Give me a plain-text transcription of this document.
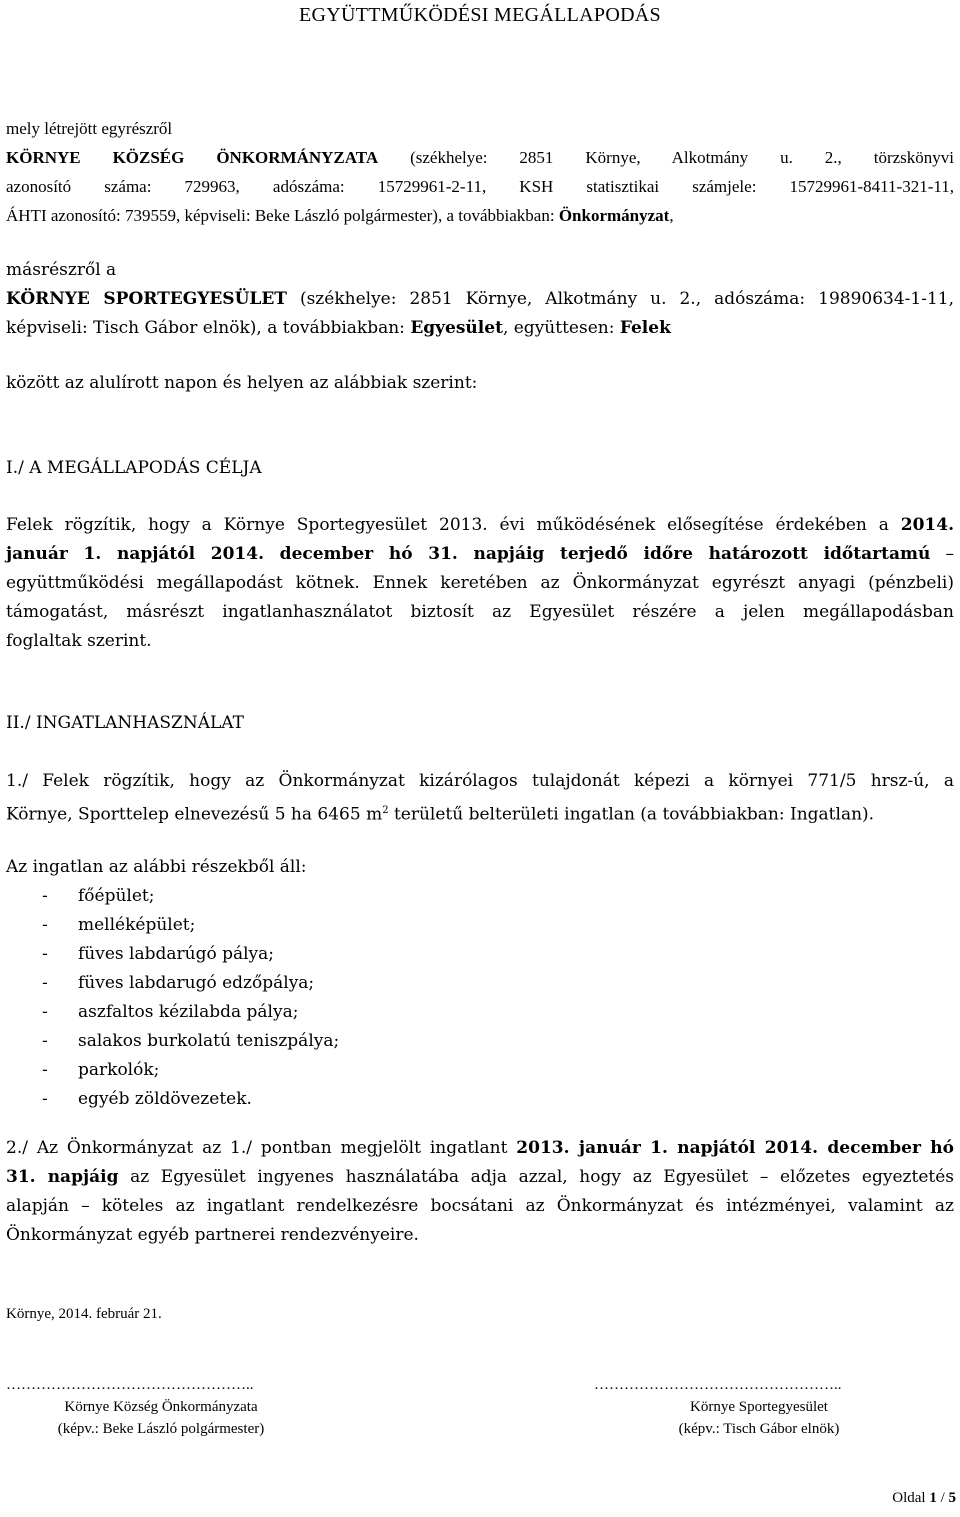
EGYÜTTMŰKÖDÉSI MEGÁLLAPODÁS
mely létrejött egyrészről
KÖRNYE KÖZSÉG ÖNKORMÁNYZATA (székhelye: 2851 Környe, Alkotmány u. 2., törzskönyvi
azonosító száma: 729963, adószáma: 15729961-2-11, KSH statisztikai számjele: 15729961-8411-321-11,
ÁHTI azonosító: 739559, képviseli: Beke László polgármester), a továbbiakban: Önkormányzat,
másrészről a
KÖRNYE SPORTEGYESÜLET (székhelye: 2851 Környe, Alkotmány u. 2., adószáma: 19890634-1-11,
képviseli: Tisch Gábor elnök), a továbbiakban: Egyesület, együttesen: Felek
között az alulírott napon és helyen az alábbiak szerint:
I./ A MEGÁLLAPODÁS CÉLJA
Felek rögzítik, hogy a Környe Sportegyesület 2013. évi működésének elősegítése érdekében a 2014.
január 1. napjától 2014. december hó 31. napjáig terjedő időre határozott időtartamú –
együttműködési megállapodást kötnek. Ennek keretében az Önkormányzat egyrészt anyagi (pénzbeli)
támogatást, másrészt ingatlanhasználatot biztosít az Egyesület részére a jelen megállapodásban
foglaltak szerint.
II./ INGATLANHASZNÁLAT
1./ Felek rögzítik, hogy az Önkormányzat kizárólagos tulajdonát képezi a környei 771/5 hrsz-ú, a
Környe, Sporttelep elnevezésű 5 ha 6465 $m^2$ területű belterületi ingatlan (a továbbiakban: Ingatlan).
Az ingatlan az alábbi részekből áll:
- főépület;
- melléképület;
- füves labdarúgó pálya;
- füves labdarugó edzőpálya;
- aszfaltos kézilabda pálya;
- salakos burkolatú teniszpálya;
- parkolók;
- egyéb zöldövezetek.
2./ Az Önkormányzat az 1./ pontban megjelölt ingatlant 2013. január 1. napjától 2014. december hó
31. napjáig az Egyesület ingyenes használatába adja azzal, hogy az Egyesület – előzetes egyeztetés
alapján – köteles az ingatlant rendelkezésre bocsátani az Önkormányzat és intézményei, valamint az
Önkormányzat egyéb partnerei rendezvényeire.
Környe, 2014. február 21.
…………………………………………..
Környe Község Önkormányzata
(képv.: Beke László polgármester)
…………………………………………..
Környe Sportegyesület
(képv.: Tisch Gábor elnök)
Oldal 1 / 5
